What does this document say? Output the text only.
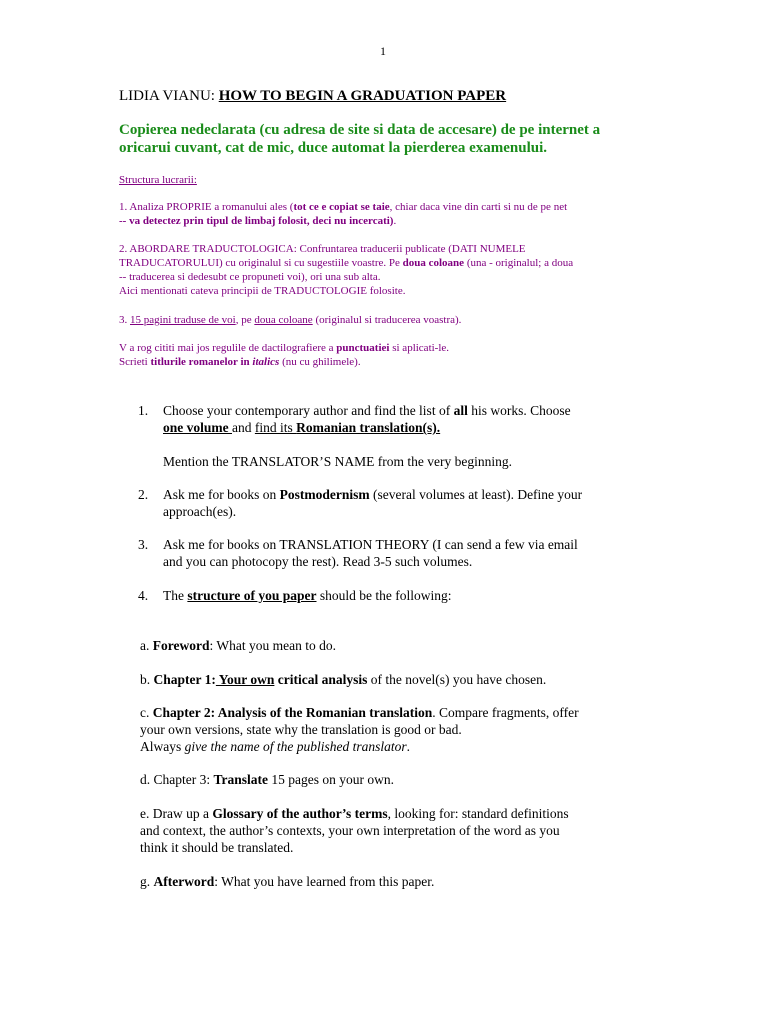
1
LIDIA VIANU: HOW TO BEGIN A GRADUATION PAPER
Copierea nedeclarata (cu adresa de site si data de accesare) de pe internet a
oricarui cuvant, cat de mic, duce automat la pierderea examenului.
Structura lucrarii:
1. Analiza PROPRIE a romanului ales (tot ce e copiat se taie, chiar daca vine din carti si nu de pe net
-- va detectez prin tipul de limbaj folosit, deci nu incercati).
2. ABORDARE TRADUCTOLOGICA: Confruntarea traducerii publicate (DATI NUMELE
TRADUCATORULUI) cu originalul si cu sugestiile voastre. Pe doua coloane (una - originalul; a doua
-- traducerea si dedesubt ce propuneti voi), ori una sub alta.
Aici mentionati cateva principii de TRADUCTOLOGIE folosite.
3. 15 pagini traduse de voi, pe doua coloane (originalul si traducerea voastra).
V a rog cititi mai jos regulile de dactilografiere a punctuatiei si aplicati-le.
Scrieti titlurile romanelor in italics (nu cu ghilimele).
1. Choose your contemporary author and find the list of all his works. Choose
one volume and find its Romanian translation(s).
Mention the TRANSLATOR’S NAME from the very beginning.
2. Ask me for books on Postmodernism (several volumes at least). Define your
approach(es).
3. Ask me for books on TRANSLATION THEORY (I can send a few via email
and you can photocopy the rest). Read 3-5 such volumes.
4. The structure of you paper should be the following:
a. Foreword: What you mean to do.
b. Chapter 1: Your own critical analysis of the novel(s) you have chosen.
c. Chapter 2: Analysis of the Romanian translation. Compare fragments, offer
your own versions, state why the translation is good or bad.
Always give the name of the published translator.
d. Chapter 3: Translate 15 pages on your own.
e. Draw up a Glossary of the author’s terms, looking for: standard definitions
and context, the author’s contexts, your own interpretation of the word as you
think it should be translated.
g. Afterword: What you have learned from this paper.
